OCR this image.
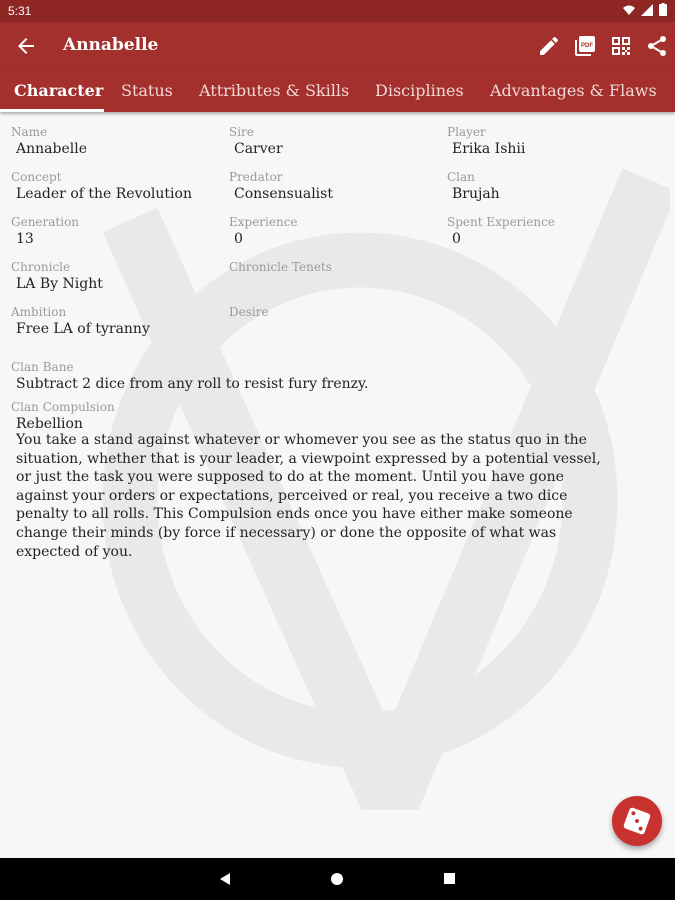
5:31
Annabelle	PDF
Character Status Attributes & Skills Disciplines Advantages & Flaws
Name
Annabelle
Sire
Carver
Player
Erika Ishii
Concept
Leader of the Revolution
Predator
Consensualist
Clan
Brujah
Generation
13
Experience
0
Spent Experience
0
Chronicle
LA By Night
Chronicle Tenets
Ambition
Free LA of tyranny
Desire
Clan Bane
Subtract 2 dice from any roll to resist fury frenzy.
Clan Compulsion
Rebellion
You take a stand against whatever or whomever you see as the status quo in the situation, whether that is your leader, a viewpoint expressed by a potential vessel, or just the task you were supposed to do at the moment. Until you have gone against your orders or expectations, perceived or real, you receive a two dice penalty to all rolls. This Compulsion ends once you have either make someone change their minds (by force if necessary) or done the opposite of what was expected of you.
